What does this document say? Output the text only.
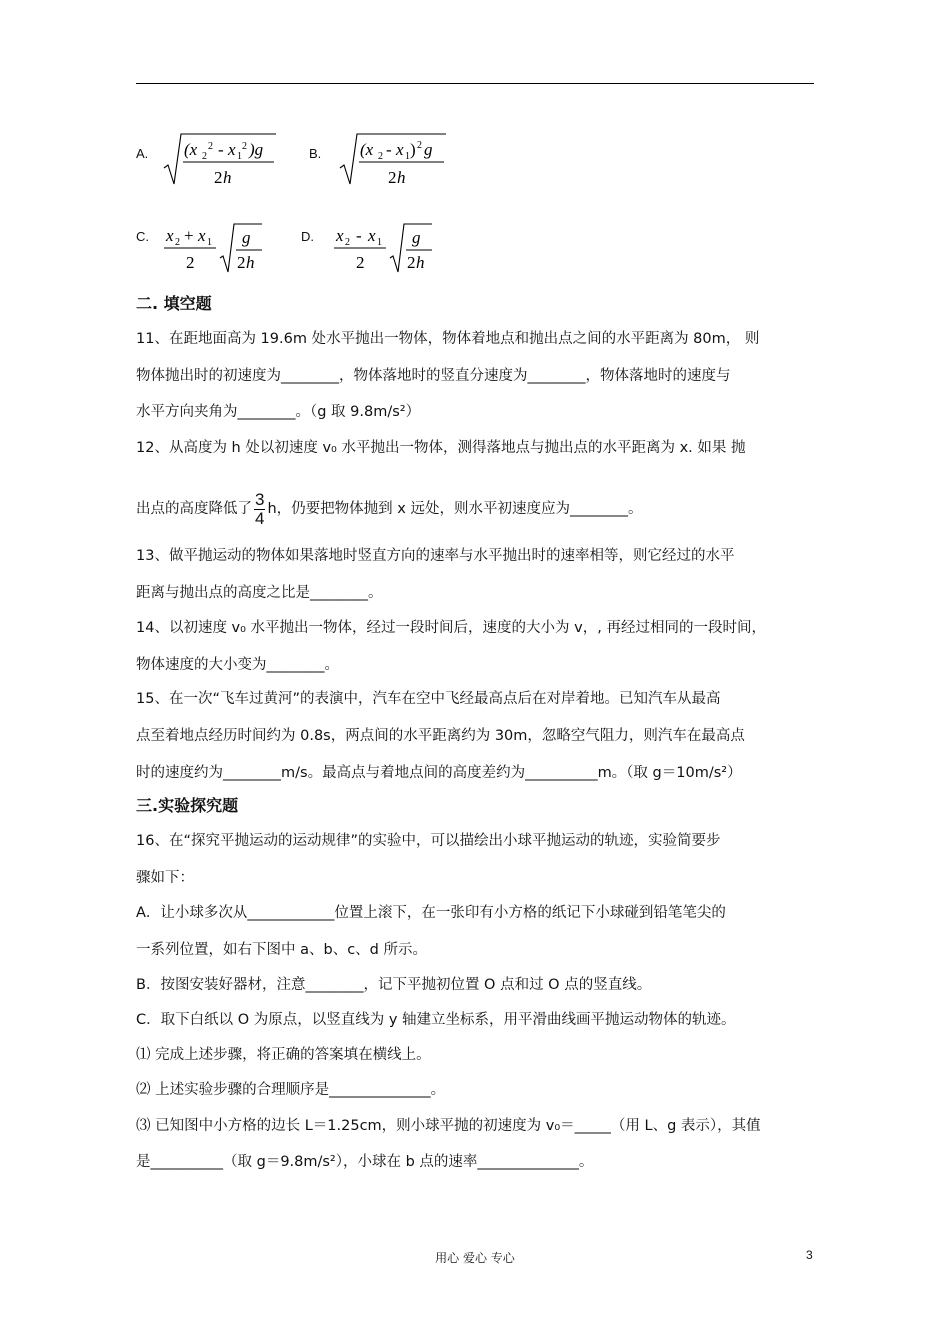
A. (x 2
2 - x 1
2 )g
2 h
B. (x 2 - x 1 ) 2 g
2 h
C. x 2 + x 1
2
g
2 h
D. x 2 - x 1
2
g
2 h
二. 填空题
11、在距地面高为 19.6m 处水平抛出一物体，物体着地点和抛出点之间的水平距离为 80m， 则
物体抛出时的初速度为________，物体落地时的竖直分速度为________，物体落地时的速度与
水平方向夹角为________。（g 取 9.8m/s²）
12、从高度为 h 处以初速度 v₀ 水平抛出一物体，测得落地点与抛出点的水平距离为 x. 如果 抛
出点的高度降低了 $\frac{3}{4}$ h，仍要把物体抛到 x 远处，则水平初速度应为________。
13、做平抛运动的物体如果落地时竖直方向的速率与水平抛出时的速率相等，则它经过的水平
距离与抛出点的高度之比是________。
14、以初速度 v₀ 水平抛出一物体，经过一段时间后，速度的大小为 v，, 再经过相同的一段时间，
物体速度的大小变为________。
15、在一次“飞车过黄河”的表演中，汽车在空中飞经最高点后在对岸着地。已知汽车从最高
点至着地点经历时间约为 0.8s，两点间的水平距离约为 30m，忽略空气阻力，则汽车在最高点
时的速度约为________m/s。最高点与着地点间的高度差约为__________m。（取 g＝10m/s²）
三.实验探究题
16、在“探究平抛运动的运动规律”的实验中，可以描绘出小球平抛运动的轨迹，实验简要步
骤如下：
A．让小球多次从____________位置上滚下，在一张印有小方格的纸记下小球碰到铅笔笔尖的
一系列位置，如右下图中 a、b、c、d 所示。
B．按图安装好器材，注意________，记下平抛初位置 O 点和过 O 点的竖直线。
C．取下白纸以 O 为原点，以竖直线为 y 轴建立坐标系，用平滑曲线画平抛运动物体的轨迹。
⑴ 完成上述步骤，将正确的答案填在横线上。
⑵ 上述实验步骤的合理顺序是______________。
⑶ 已知图中小方格的边长 L＝1.25cm，则小球平抛的初速度为 v₀＝_____（用 L、g 表示），其值
是__________（取 g＝9.8m/s²），小球在 b 点的速率______________。
用心 爱心 专心	3
